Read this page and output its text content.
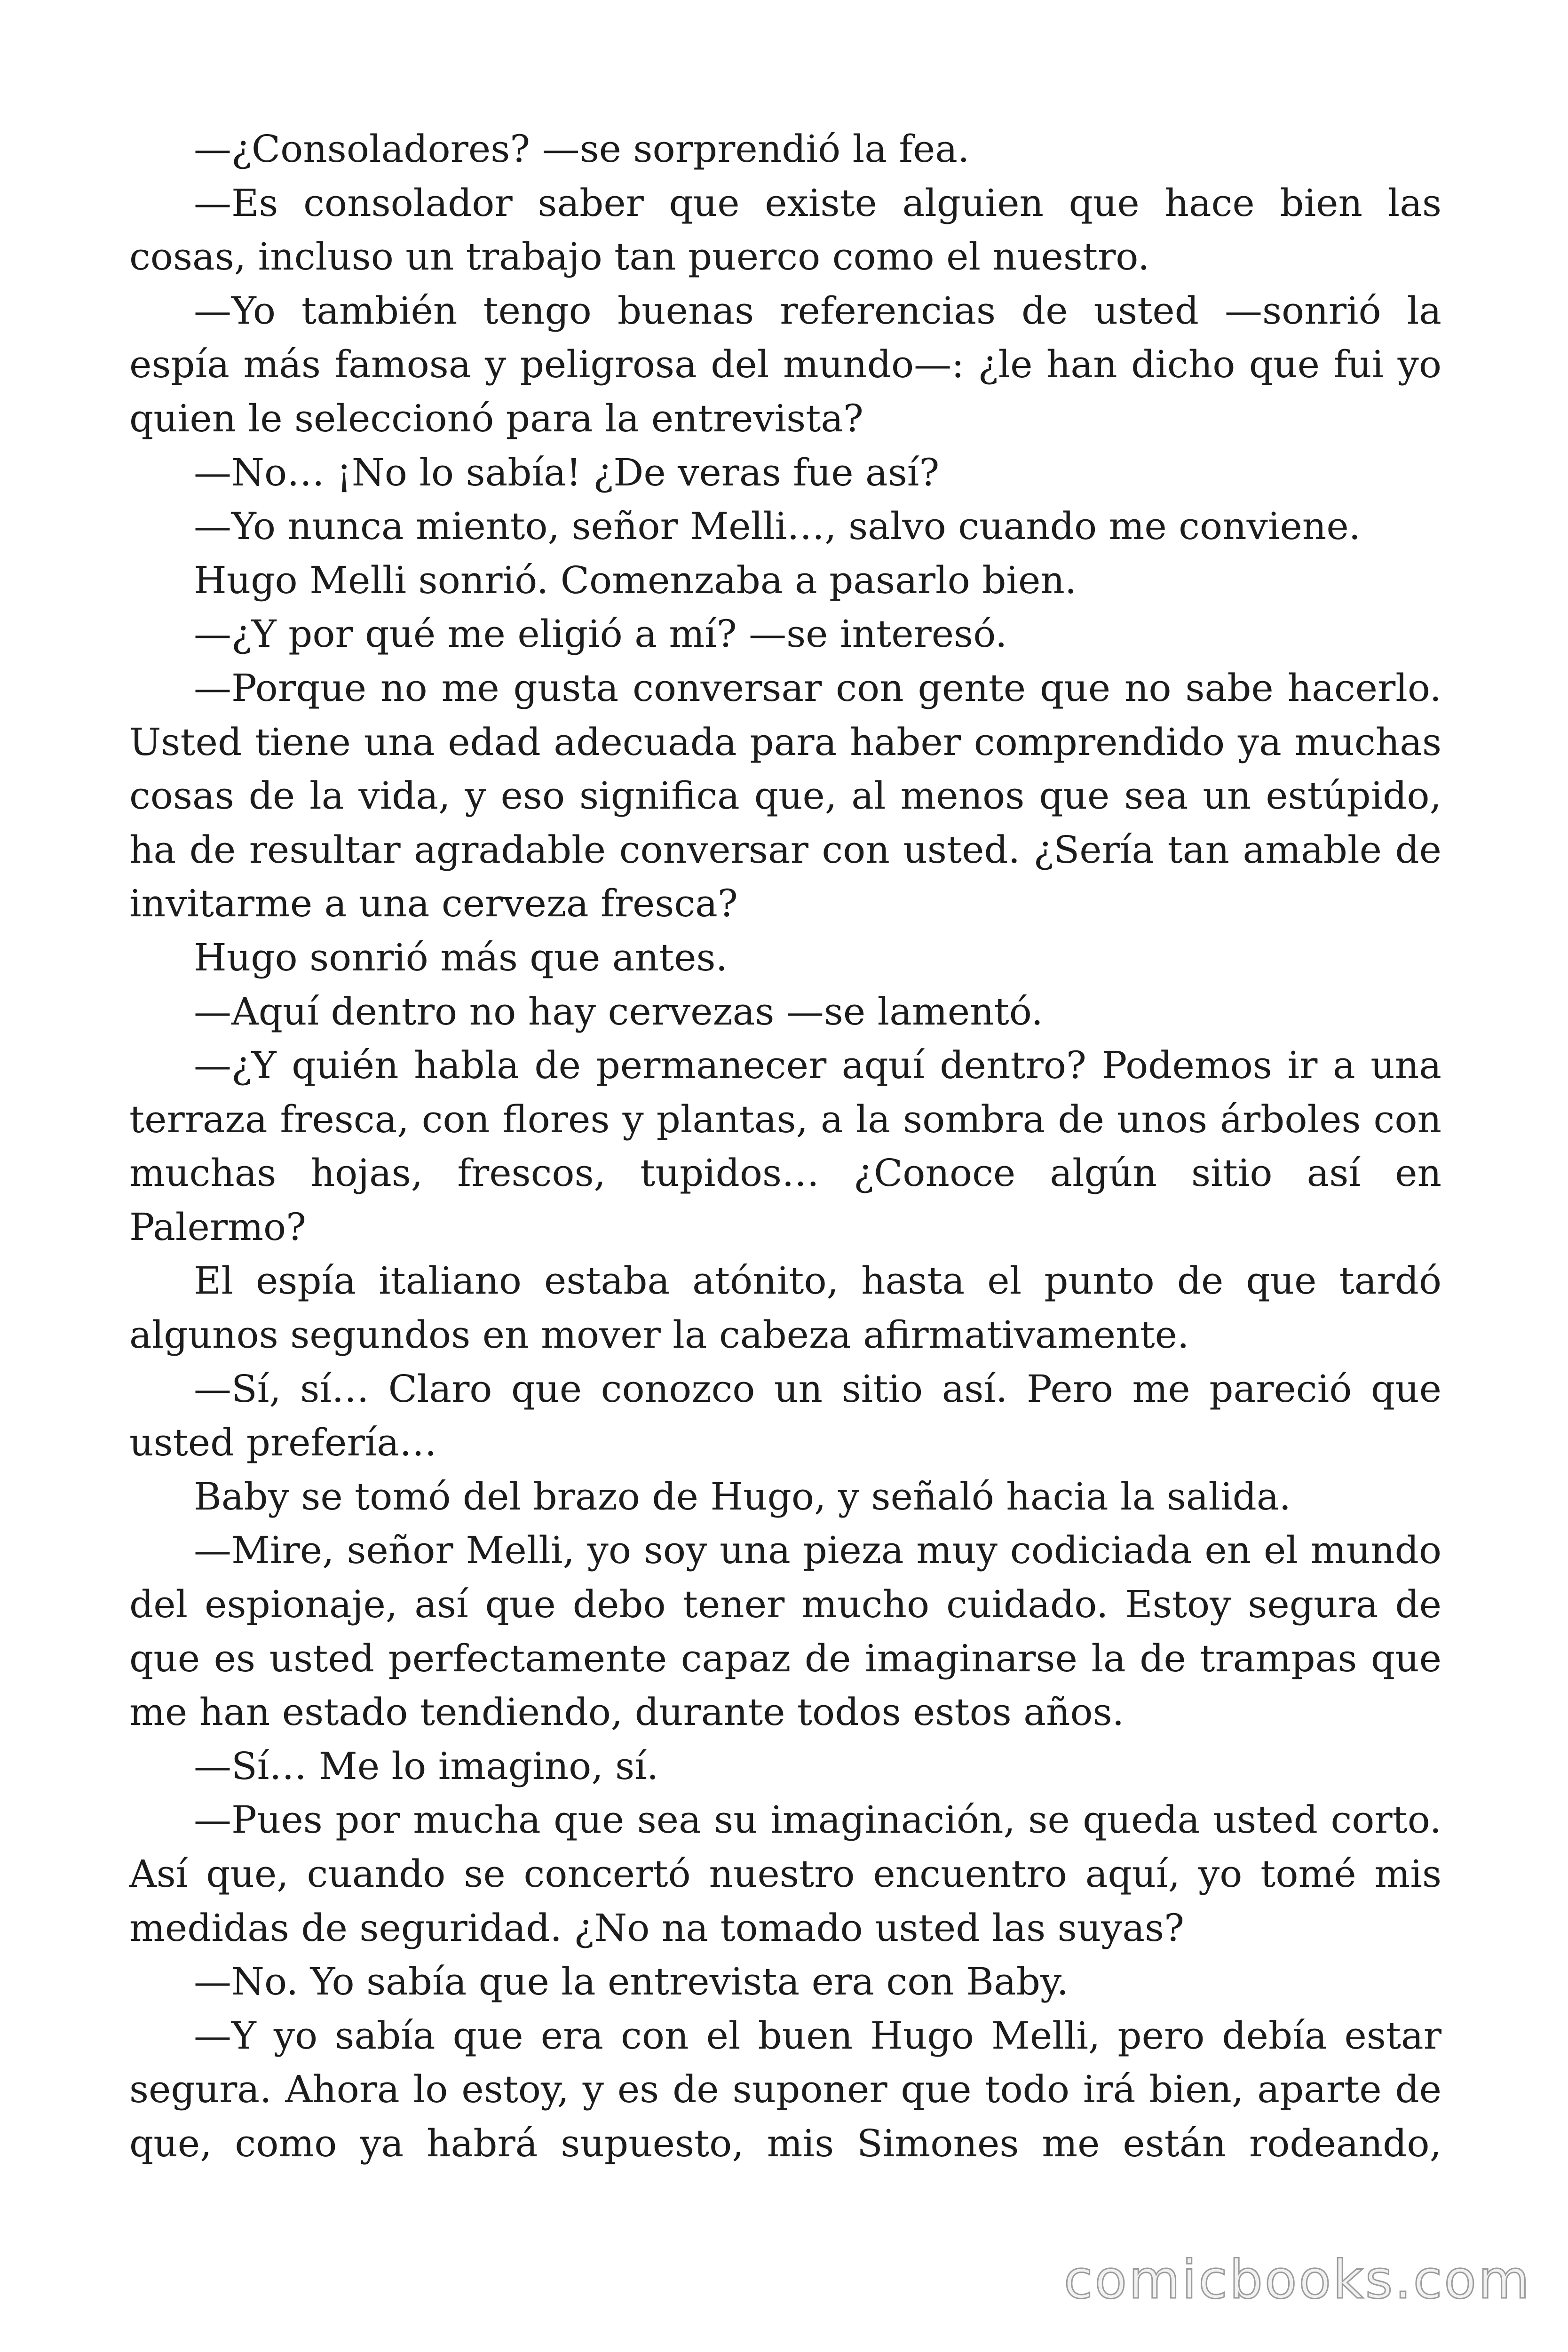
—¿Consoladores? —se sorprendió la fea.

—Es consolador saber que existe alguien que hace bien las cosas, incluso un trabajo tan puerco como el nuestro.

—Yo también tengo buenas referencias de usted —sonrió la espía más famosa y peligrosa del mundo—: ¿le han dicho que fui yo quien le seleccionó para la entrevista?

—No… ¡No lo sabía! ¿De veras fue así?

—Yo nunca miento, señor Melli…, salvo cuando me conviene.

Hugo Melli sonrió. Comenzaba a pasarlo bien.

—¿Y por qué me eligió a mí? —se interesó.

—Porque no me gusta conversar con gente que no sabe hacerlo. Usted tiene una edad adecuada para haber comprendido ya muchas cosas de la vida, y eso significa que, al menos que sea un estúpido, ha de resultar agradable conversar con usted. ¿Sería tan amable de invitarme a una cerveza fresca?

Hugo sonrió más que antes.

—Aquí dentro no hay cervezas —se lamentó.

—¿Y quién habla de permanecer aquí dentro? Podemos ir a una terraza fresca, con flores y plantas, a la sombra de unos árboles con muchas hojas, frescos, tupidos… ¿Conoce algún sitio así en Palermo?

El espía italiano estaba atónito, hasta el punto de que tardó algunos segundos en mover la cabeza afirmativamente.

—Sí, sí… Claro que conozco un sitio así. Pero me pareció que usted prefería…

Baby se tomó del brazo de Hugo, y señaló hacia la salida.

—Mire, señor Melli, yo soy una pieza muy codiciada en el mundo del espionaje, así que debo tener mucho cuidado. Estoy segura de que es usted perfectamente capaz de imaginarse la de trampas que me han estado tendiendo, durante todos estos años.

—Sí… Me lo imagino, sí.

—Pues por mucha que sea su imaginación, se queda usted corto. Así que, cuando se concertó nuestro encuentro aquí, yo tomé mis medidas de seguridad. ¿No na tomado usted las suyas?

—No. Yo sabía que la entrevista era con Baby.

—Y yo sabía que era con el buen Hugo Melli, pero debía estar segura. Ahora lo estoy, y es de suponer que todo irá bien, aparte de que, como ya habrá supuesto, mis Simones me están rodeando,

comicbooks.com
